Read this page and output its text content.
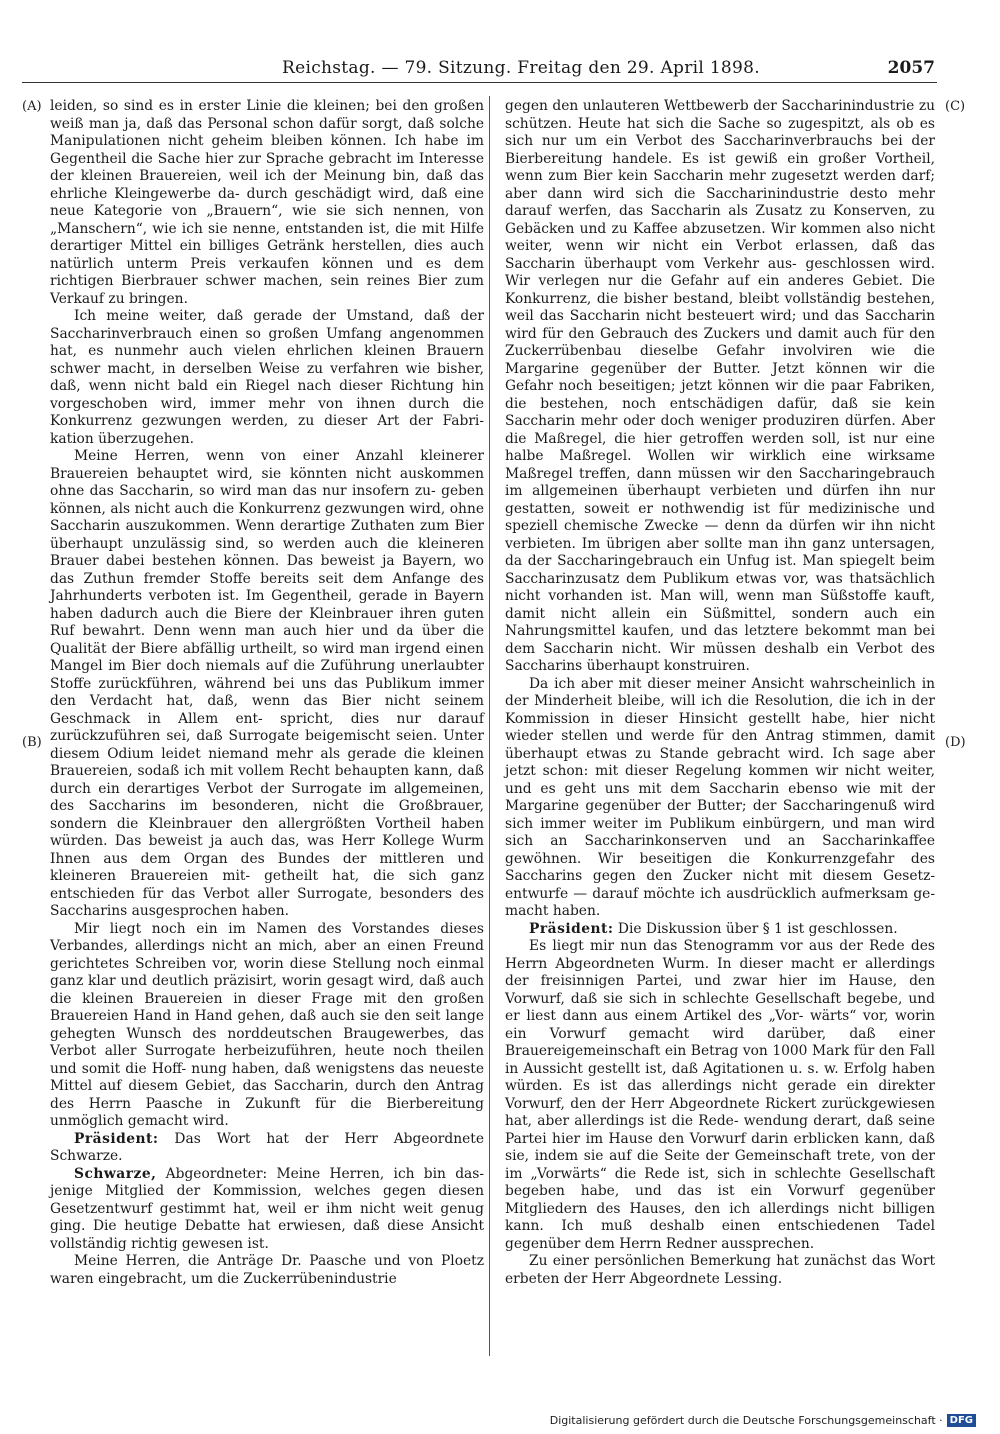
Reichstag. — 79. Sitzung. Freitag den 29. April 1898.	2057
(A)
(B)
(C)
(D)

leiden, so sind es in erster Linie die kleinen; bei den großen weiß man ja, daß das Personal schon dafür sorgt, daß solche Manipulationen nicht geheim bleiben können. Ich habe im Gegentheil die Sache hier zur Sprache gebracht im Interesse der kleinen Brauereien, weil ich der Meinung bin, daß das ehrliche Kleingewerbe da- durch geschädigt wird, daß eine neue Kategorie von „Brauern“, wie sie sich nennen, von „Manschern“, wie ich sie nenne, entstanden ist, die mit Hilfe derartiger Mittel ein billiges Getränk herstellen, dies auch natürlich unterm Preis verkaufen können und es dem richtigen Bierbrauer schwer machen, sein reines Bier zum Verkauf zu bringen.

Ich meine weiter, daß gerade der Umstand, daß der Saccharinverbrauch einen so großen Umfang angenommen hat, es nunmehr auch vielen ehrlichen kleinen Brauern schwer macht, in derselben Weise zu verfahren wie bisher, daß, wenn nicht bald ein Riegel nach dieser Richtung hin vorgeschoben wird, immer mehr von ihnen durch die Konkurrenz gezwungen werden, zu dieser Art der Fabri- kation überzugehen.

Meine Herren, wenn von einer Anzahl kleinerer Brauereien behauptet wird, sie könnten nicht auskommen ohne das Saccharin, so wird man das nur insofern zu- geben können, als nicht auch die Konkurrenz gezwungen wird, ohne Saccharin auszukommen. Wenn derartige Zuthaten zum Bier überhaupt unzulässig sind, so werden auch die kleineren Brauer dabei bestehen können. Das beweist ja Bayern, wo das Zuthun fremder Stoffe bereits seit dem Anfange des Jahrhunderts verboten ist. Im Gegentheil, gerade in Bayern haben dadurch auch die Biere der Kleinbrauer ihren guten Ruf bewahrt. Denn wenn man auch hier und da über die Qualität der Biere abfällig urtheilt, so wird man irgend einen Mangel im Bier doch niemals auf die Zuführung unerlaubter Stoffe zurückführen, während bei uns das Publikum immer den Verdacht hat, daß, wenn das Bier nicht seinem Geschmack in Allem ent- spricht, dies nur darauf zurückzuführen sei, daß Surrogate beigemischt seien. Unter diesem Odium leidet niemand mehr als gerade die kleinen Brauereien, sodaß ich mit vollem Recht behaupten kann, daß durch ein derartiges Verbot der Surrogate im allgemeinen, des Saccharins im besonderen, nicht die Großbrauer, sondern die Kleinbrauer den allergrößten Vortheil haben würden. Das beweist ja auch das, was Herr Kollege Wurm Ihnen aus dem Organ des Bundes der mittleren und kleineren Brauereien mit- getheilt hat, die sich ganz entschieden für das Verbot aller Surrogate, besonders des Saccharins ausgesprochen haben.

Mir liegt noch ein im Namen des Vorstandes dieses Verbandes, allerdings nicht an mich, aber an einen Freund gerichtetes Schreiben vor, worin diese Stellung noch einmal ganz klar und deutlich präzisirt, worin gesagt wird, daß auch die kleinen Brauereien in dieser Frage mit den großen Brauereien Hand in Hand gehen, daß auch sie den seit lange gehegten Wunsch des norddeutschen Braugewerbes, das Verbot aller Surrogate herbeizuführen, heute noch theilen und somit die Hoff- nung haben, daß wenigstens das neueste Mittel auf diesem Gebiet, das Saccharin, durch den Antrag des Herrn Paasche in Zukunft für die Bierbereitung unmöglich gemacht wird.

Präsident: Das Wort hat der Herr Abgeordnete Schwarze.

Schwarze, Abgeordneter: Meine Herren, ich bin das- jenige Mitglied der Kommission, welches gegen diesen Gesetzentwurf gestimmt hat, weil er ihm nicht weit genug ging. Die heutige Debatte hat erwiesen, daß diese Ansicht vollständig richtig gewesen ist.

Meine Herren, die Anträge Dr. Paasche und von Ploetz waren eingebracht, um die Zuckerrübenindustrie

gegen den unlauteren Wettbewerb der Saccharinindustrie zu schützen. Heute hat sich die Sache so zugespitzt, als ob es sich nur um ein Verbot des Saccharinverbrauchs bei der Bierbereitung handele. Es ist gewiß ein großer Vortheil, wenn zum Bier kein Saccharin mehr zugesetzt werden darf; aber dann wird sich die Saccharinindustrie desto mehr darauf werfen, das Saccharin als Zusatz zu Konserven, zu Gebäcken und zu Kaffee abzusetzen. Wir kommen also nicht weiter, wenn wir nicht ein Verbot erlassen, daß das Saccharin überhaupt vom Verkehr aus- geschlossen wird. Wir verlegen nur die Gefahr auf ein anderes Gebiet. Die Konkurrenz, die bisher bestand, bleibt vollständig bestehen, weil das Saccharin nicht besteuert wird; und das Saccharin wird für den Gebrauch des Zuckers und damit auch für den Zuckerrübenbau dieselbe Gefahr involviren wie die Margarine gegenüber der Butter. Jetzt können wir die Gefahr noch beseitigen; jetzt können wir die paar Fabriken, die bestehen, noch entschädigen dafür, daß sie kein Saccharin mehr oder doch weniger produziren dürfen. Aber die Maßregel, die hier getroffen werden soll, ist nur eine halbe Maßregel. Wollen wir wirklich eine wirksame Maßregel treffen, dann müssen wir den Saccharingebrauch im allgemeinen überhaupt verbieten und dürfen ihn nur gestatten, soweit er nothwendig ist für medizinische und speziell chemische Zwecke — denn da dürfen wir ihn nicht verbieten. Im übrigen aber sollte man ihn ganz untersagen, da der Saccharingebrauch ein Unfug ist. Man spiegelt beim Saccharinzusatz dem Publikum etwas vor, was thatsächlich nicht vorhanden ist. Man will, wenn man Süßstoffe kauft, damit nicht allein ein Süßmittel, sondern auch ein Nahrungsmittel kaufen, und das letztere bekommt man bei dem Saccharin nicht. Wir müssen deshalb ein Verbot des Saccharins überhaupt konstruiren.

Da ich aber mit dieser meiner Ansicht wahrscheinlich in der Minderheit bleibe, will ich die Resolution, die ich in der Kommission in dieser Hinsicht gestellt habe, hier nicht wieder stellen und werde für den Antrag stimmen, damit überhaupt etwas zu Stande gebracht wird. Ich sage aber jetzt schon: mit dieser Regelung kommen wir nicht weiter, und es geht uns mit dem Saccharin ebenso wie mit der Margarine gegenüber der Butter; der Saccharingenuß wird sich immer weiter im Publikum einbürgern, und man wird sich an Saccharinkonserven und an Saccharinkaffee gewöhnen. Wir beseitigen die Konkurrenzgefahr des Saccharins gegen den Zucker nicht mit diesem Gesetz- entwurfe — darauf möchte ich ausdrücklich aufmerksam ge- macht haben.

Präsident: Die Diskussion über § 1 ist geschlossen.

Es liegt mir nun das Stenogramm vor aus der Rede des Herrn Abgeordneten Wurm. In dieser macht er allerdings der freisinnigen Partei, und zwar hier im Hause, den Vorwurf, daß sie sich in schlechte Gesellschaft begebe, und er liest dann aus einem Artikel des „Vor- wärts“ vor, worin ein Vorwurf gemacht wird darüber, daß einer Brauereigemeinschaft ein Betrag von 1000 Mark für den Fall in Aussicht gestellt ist, daß Agitationen u. s. w. Erfolg haben würden. Es ist das allerdings nicht gerade ein direkter Vorwurf, den der Herr Abgeordnete Rickert zurückgewiesen hat, aber allerdings ist die Rede- wendung derart, daß seine Partei hier im Hause den Vorwurf darin erblicken kann, daß sie, indem sie auf die Seite der Gemeinschaft trete, von der im „Vorwärts“ die Rede ist, sich in schlechte Gesellschaft begeben habe, und das ist ein Vorwurf gegenüber Mitgliedern des Hauses, den ich allerdings nicht billigen kann. Ich muß deshalb einen entschiedenen Tadel gegenüber dem Herrn Redner aussprechen.

Zu einer persönlichen Bemerkung hat zunächst das Wort erbeten der Herr Abgeordnete Lessing.

Digitalisierung gefördert durch die Deutsche Forschungsgemeinschaft · DFG
